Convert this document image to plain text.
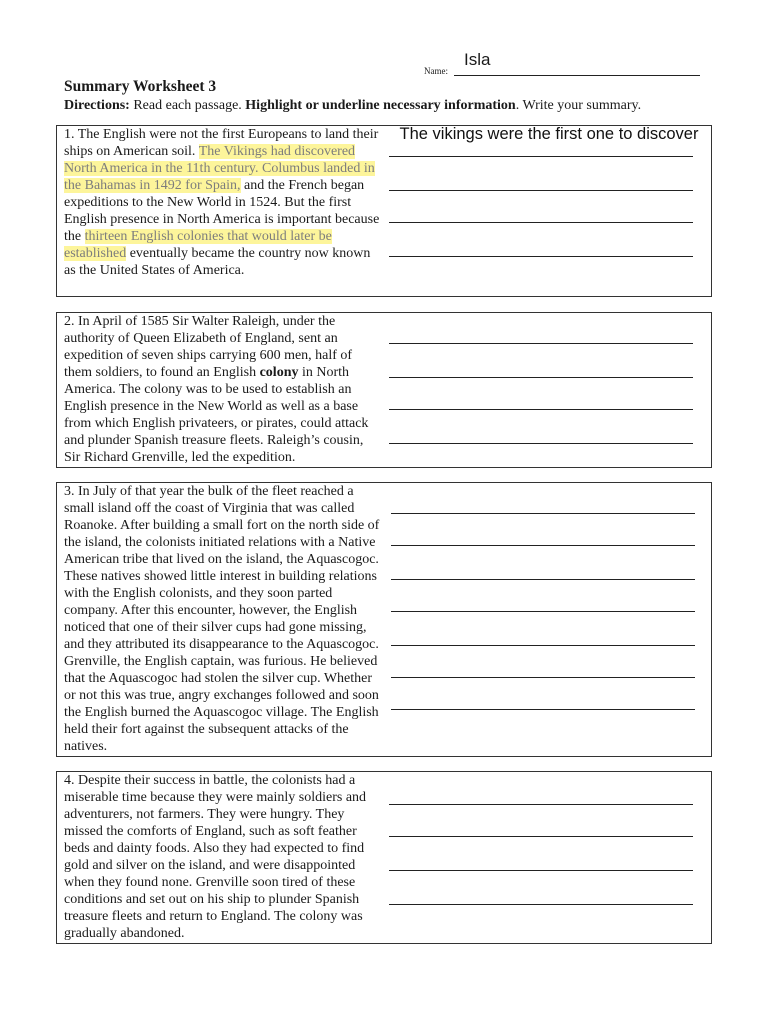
Name:
Isla
Summary Worksheet 3
Directions: Read each passage. Highlight or underline necessary information. Write your summary.
1. The English were not the first Europeans to land their ships on American soil. The Vikings had discovered North America in the 11th century. Columbus landed in the Bahamas in 1492 for Spain, and the French began expeditions to the New World in 1524. But the first English presence in North America is important because the thirteen English colonies that would later be established eventually became the country now known as the United States of America.
The vikings were the first one to discover
2. In April of 1585 Sir Walter Raleigh, under the authority of Queen Elizabeth of England, sent an expedition of seven ships carrying 600 men, half of them soldiers, to found an English colony in North America. The colony was to be used to establish an English presence in the New World as well as a base from which English privateers, or pirates, could attack and plunder Spanish treasure fleets. Raleigh’s cousin, Sir Richard Grenville, led the expedition.
3. In July of that year the bulk of the fleet reached a small island off the coast of Virginia that was called Roanoke. After building a small fort on the north side of the island, the colonists initiated relations with a Native American tribe that lived on the island, the Aquascogoc. These natives showed little interest in building relations with the English colonists, and they soon parted company. After this encounter, however, the English noticed that one of their silver cups had gone missing, and they attributed its disappearance to the Aquascogoc. Grenville, the English captain, was furious. He believed that the Aquascogoc had stolen the silver cup. Whether or not this was true, angry exchanges followed and soon the English burned the Aquascogoc village. The English held their fort against the subsequent attacks of the natives.
4. Despite their success in battle, the colonists had a miserable time because they were mainly soldiers and adventurers, not farmers. They were hungry. They missed the comforts of England, such as soft feather beds and dainty foods. Also they had expected to find gold and silver on the island, and were disappointed when they found none. Grenville soon tired of these conditions and set out on his ship to plunder Spanish treasure fleets and return to England. The colony was gradually abandoned.
